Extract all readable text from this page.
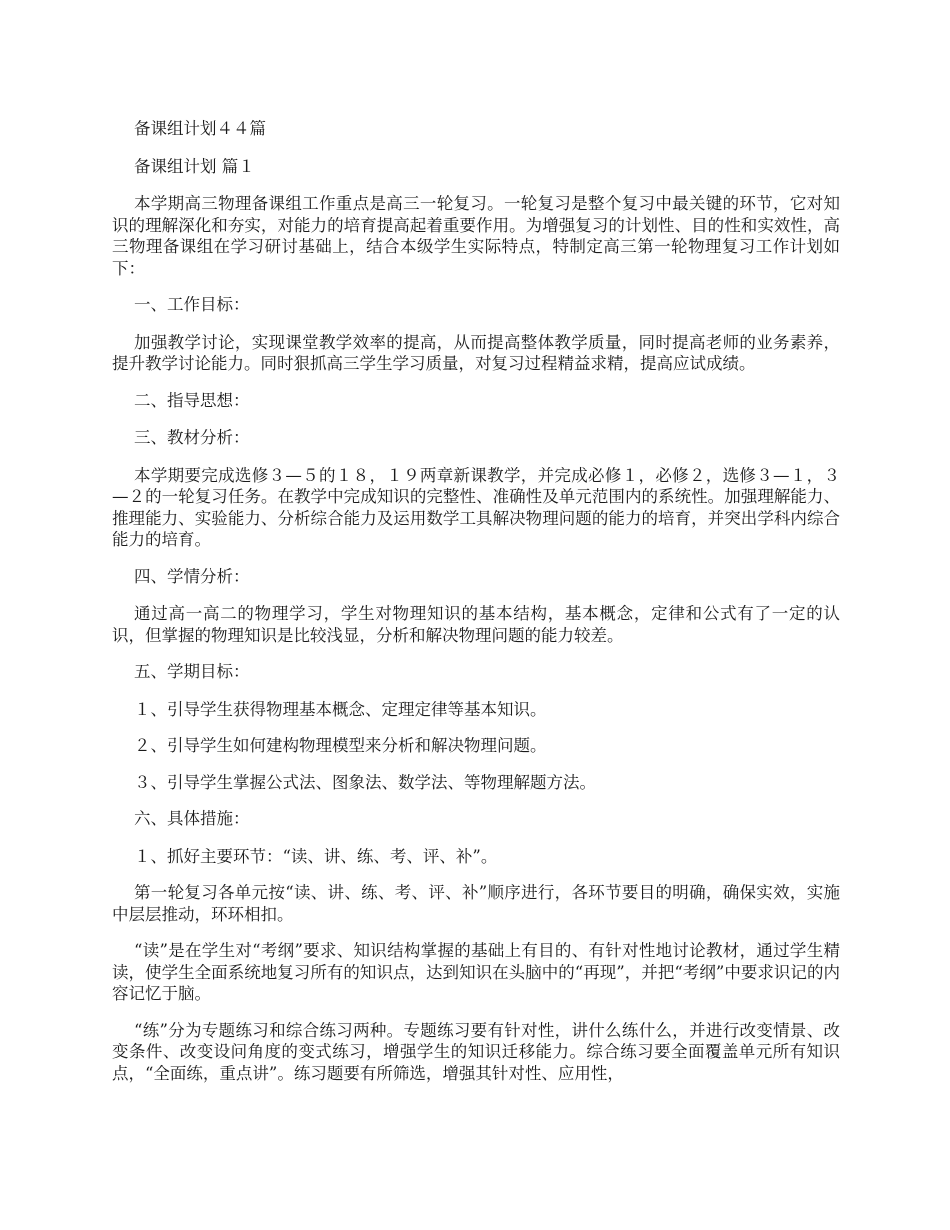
备课组计划４４篇

备课组计划 篇１

本学期高三物理备课组工作重点是高三一轮复习。一轮复习是整个复习中最关键的环节，它对知识的理解深化和夯实，对能力的培育提高起着重要作用。为增强复习的计划性、目的性和实效性，高三物理备课组在学习研讨基础上，结合本级学生实际特点，特制定高三第一轮物理复习工作计划如下：

一、工作目标：

加强教学讨论，实现课堂教学效率的提高，从而提高整体教学质量，同时提高老师的业务素养，提升教学讨论能力。同时狠抓高三学生学习质量，对复习过程精益求精，提高应试成绩。

二、指导思想：

三、教材分析：

本学期要完成选修３—５的１８，１９两章新课教学，并完成必修１，必修２，选修３—１，３—２的一轮复习任务。在教学中完成知识的完整性、准确性及单元范围内的系统性。加强理解能力、推理能力、实验能力、分析综合能力及运用数学工具解决物理问题的能力的培育，并突出学科内综合能力的培育。

四、学情分析：

通过高一高二的物理学习，学生对物理知识的基本结构，基本概念，定律和公式有了一定的认识，但掌握的物理知识是比较浅显，分析和解决物理问题的能力较差。

五、学期目标：

１、引导学生获得物理基本概念、定理定律等基本知识。

２、引导学生如何建构物理模型来分析和解决物理问题。

３、引导学生掌握公式法、图象法、数学法、等物理解题方法。

六、具体措施：

１、抓好主要环节：“读、讲、练、考、评、补”。

第一轮复习各单元按“读、讲、练、考、评、补”顺序进行，各环节要目的明确，确保实效，实施中层层推动，环环相扣。

“读”是在学生对“考纲”要求、知识结构掌握的基础上有目的、有针对性地讨论教材，通过学生精读，使学生全面系统地复习所有的知识点，达到知识在头脑中的“再现”，并把“考纲”中要求识记的内容记忆于脑。

“练”分为专题练习和综合练习两种。专题练习要有针对性，讲什么练什么，并进行改变情景、改变条件、改变设问角度的变式练习，增强学生的知识迁移能力。综合练习要全面覆盖单元所有知识点，“全面练，重点讲”。练习题要有所筛选，增强其针对性、应用性，
